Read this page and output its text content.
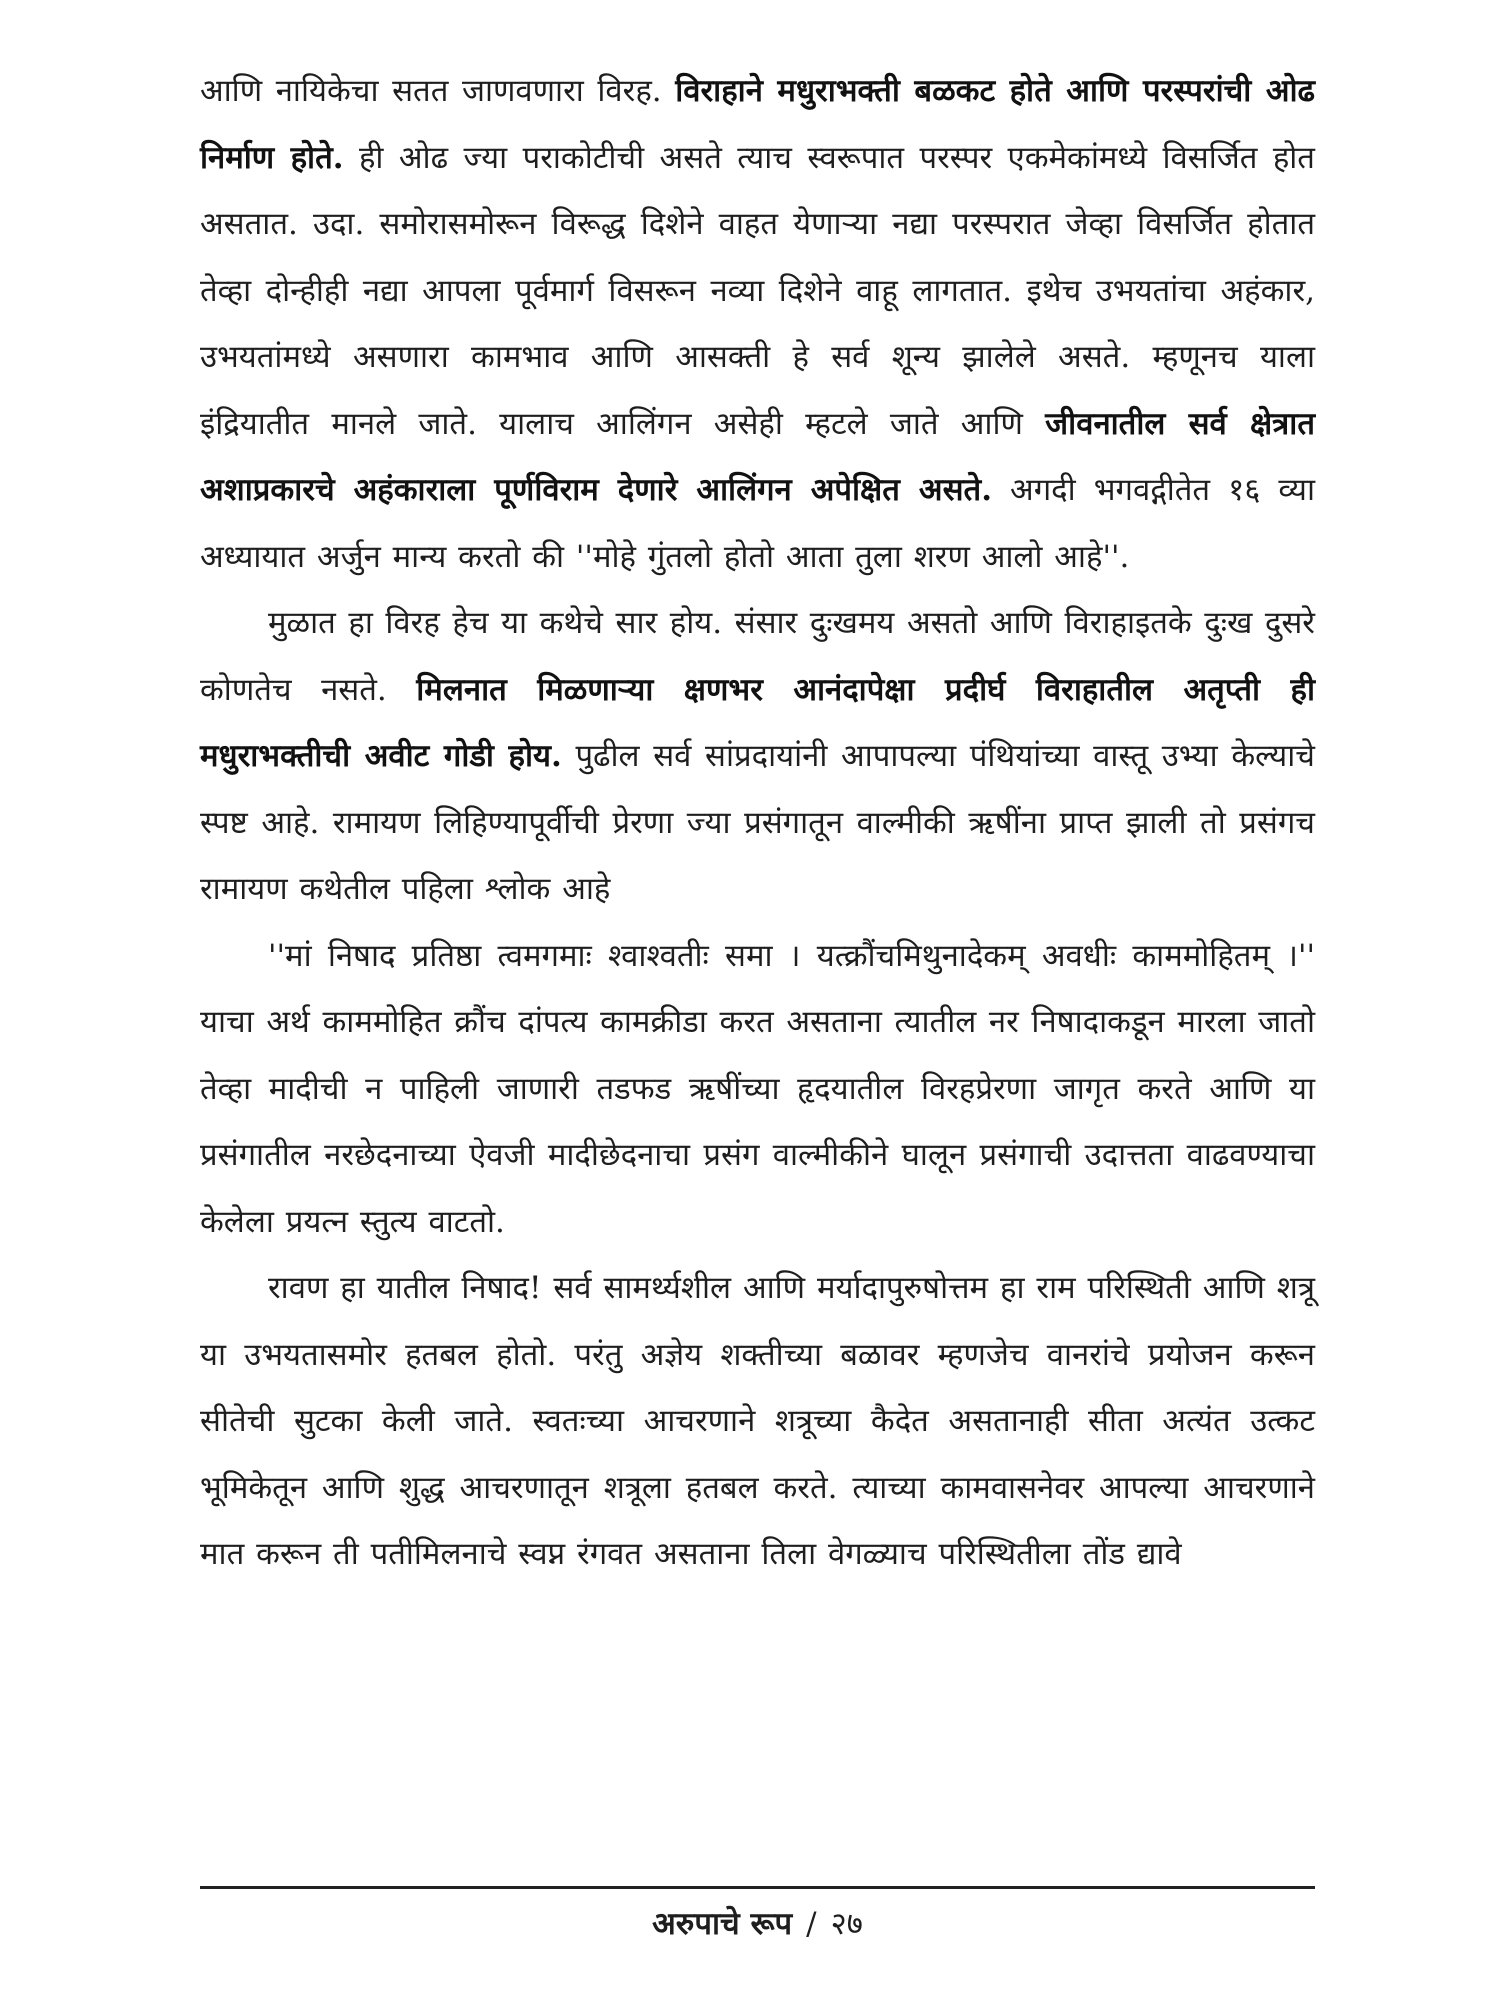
आणि नायिकेचा सतत जाणवणारा विरह. विराहाने मधुराभक्ती बळकट होते आणि परस्परांची ओढ निर्माण होते. ही ओढ ज्या पराकोटीची असते त्याच स्वरूपात परस्पर एकमेकांमध्ये विसर्जित होत असतात. उदा. समोरासमोरून विरूद्ध दिशेने वाहत येणाऱ्या नद्या परस्परात जेव्हा विसर्जित होतात तेव्हा दोन्हीही नद्या आपला पूर्वमार्ग विसरून नव्या दिशेने वाहू लागतात. इथेच उभयतांचा अहंकार, उभयतांमध्ये असणारा कामभाव आणि आसक्ती हे सर्व शून्य झालेले असते. म्हणूनच याला इंद्रियातीत मानले जाते. यालाच आलिंगन असेही म्हटले जाते आणि जीवनातील सर्व क्षेत्रात अशाप्रकारचे अहंकाराला पूर्णविराम देणारे आलिंगन अपेक्षित असते. अगदी भगवद्गीतेत १६ व्या अध्यायात अर्जुन मान्य करतो की ''मोहे गुंतलो होतो आता तुला शरण आलो आहे''.

मुळात हा विरह हेच या कथेचे सार होय. संसार दुःखमय असतो आणि विराहाइतके दुःख दुसरे कोणतेच नसते. मिलनात मिळणाऱ्या क्षणभर आनंदापेक्षा प्रदीर्घ विराहातील अतृप्ती ही मधुराभक्तीची अवीट गोडी होय. पुढील सर्व सांप्रदायांनी आपापल्या पंथियांच्या वास्तू उभ्या केल्याचे स्पष्ट आहे. रामायण लिहिण्यापूर्वीची प्रेरणा ज्या प्रसंगातून वाल्मीकी ऋषींना प्राप्त झाली तो प्रसंगच रामायण कथेतील पहिला श्लोक आहे

''मां निषाद प्रतिष्ठा त्वमगमाः श्वाश्वतीः समा । यत्क्रौंचमिथुनादेकम् अवधीः काममोहितम् ।'' याचा अर्थ काममोहित क्रौंच दांपत्य कामक्रीडा करत असताना त्यातील नर निषादाकडून मारला जातो तेव्हा मादीची न पाहिली जाणारी तडफड ऋषींच्या हृदयातील विरहप्रेरणा जागृत करते आणि या प्रसंगातील नरछेदनाच्या ऐवजी मादीछेदनाचा प्रसंग वाल्मीकीने घालून प्रसंगाची उदात्तता वाढवण्याचा केलेला प्रयत्न स्तुत्य वाटतो.

रावण हा यातील निषाद! सर्व सामर्थ्यशील आणि मर्यादापुरुषोत्तम हा राम परिस्थिती आणि शत्रू या उभयतासमोर हतबल होतो. परंतु अज्ञेय शक्तीच्या बळावर म्हणजेच वानरांचे प्रयोजन करून सीतेची सुटका केली जाते. स्वतःच्या आचरणाने शत्रूच्या कैदेत असतानाही सीता अत्यंत उत्कट भूमिकेतून आणि शुद्ध आचरणातून शत्रूला हतबल करते. त्याच्या कामवासनेवर आपल्या आचरणाने मात करून ती पतीमिलनाचे स्वप्न रंगवत असताना तिला वेगळ्याच परिस्थितीला तोंड द्यावे

अरुपाचे रूप / २७
